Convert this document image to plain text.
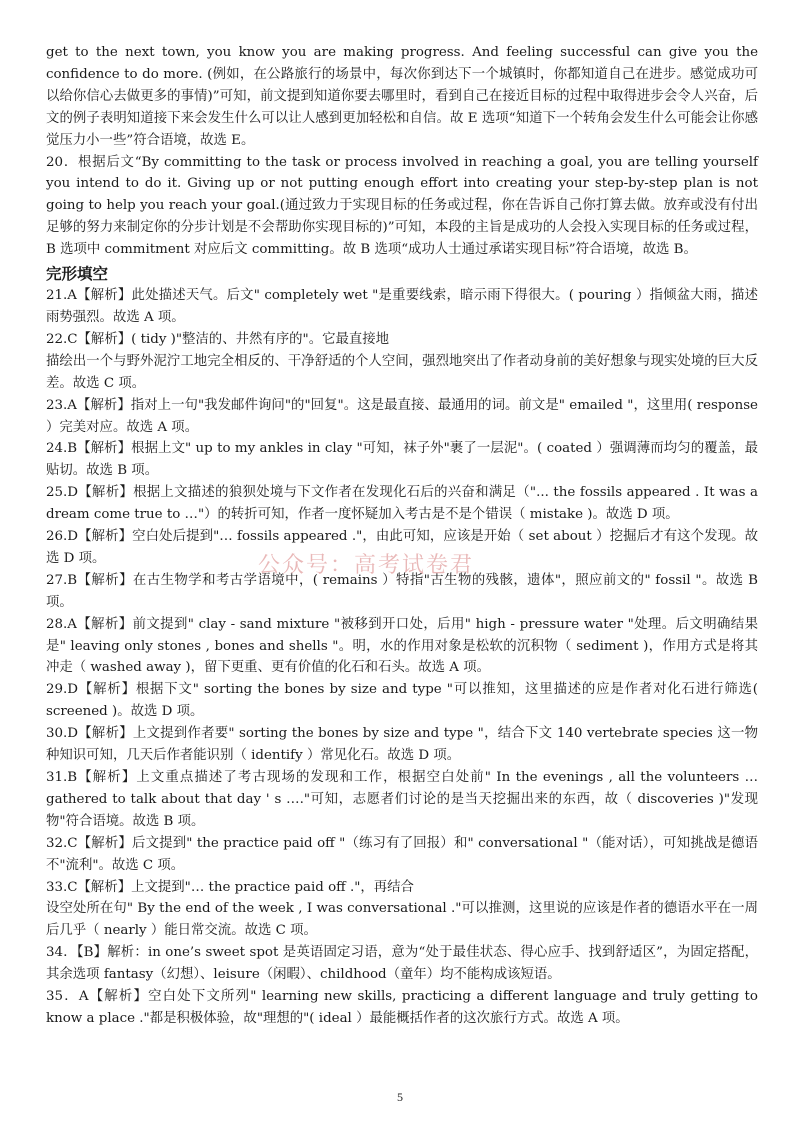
get to the next town, you know you are making progress. And feeling successful can give you the confidence to do more. (例如，在公路旅行的场景中，每次你到达下一个城镇时，你都知道自己在进步。感觉成功可以给你信心去做更多的事情)”可知，前文提到知道你要去哪里时，看到自己在接近目标的过程中取得进步会令人兴奋，后文的例子表明知道接下来会发生什么可以让人感到更加轻松和自信。故 E 选项“知道下一个转角会发生什么可能会让你感觉压力小一些”符合语境，故选 E。

20．根据后文“By committing to the task or process involved in reaching a goal, you are telling yourself you intend to do it. Giving up or not putting enough effort into creating your step-by-step plan is not going to help you reach your goal.(通过致力于实现目标的任务或过程，你在告诉自己你打算去做。放弃或没有付出足够的努力来制定你的分步计划是不会帮助你实现目标的)”可知，本段的主旨是成功的人会投入实现目标的任务或过程，B 选项中 commitment 对应后文 committing。故 B 选项“成功人士通过承诺实现目标”符合语境，故选 B。

完形填空

21.A【解析】此处描述天气。后文" completely wet "是重要线索，暗示雨下得很大。( pouring ）指倾盆大雨，描述雨势强烈。故选 A 项。

22.C【解析】( tidy )"整洁的、井然有序的"。它最直接地

描绘出一个与野外泥泞工地完全相反的、干净舒适的个人空间，强烈地突出了作者动身前的美好想象与现实处境的巨大反差。故选 C 项。

23.A【解析】指对上一句"我发邮件询问"的"回复"。这是最直接、最通用的词。前文是" emailed "，这里用( response ）完美对应。故选 A 项。

24.B【解析】根据上文" up to my ankles in clay "可知，袜子外"裹了一层泥"。( coated ）强调薄而均匀的覆盖，最贴切。故选 B 项。

25.D【解析】根据上文描述的狼狈处境与下文作者在发现化石后的兴奋和满足（"... the fossils appeared . It was a dream come true to …"）的转折可知，作者一度怀疑加入考古是不是个错误（ mistake )。故选 D 项。

26.D【解析】空白处后提到"… fossils appeared ."，由此可知，应该是开始（ set about ）挖掘后才有这个发现。故选 D 项。

27.B【解析】在古生物学和考古学语境中，( remains ）特指"古生物的残骸，遗体"，照应前文的" fossil "。故选 B 项。

28.A【解析】前文提到" clay - sand mixture "被移到开口处，后用" high - pressure water "处理。后文明确结果是" leaving only stones , bones and shells "。明，水的作用对象是松软的沉积物（ sediment )，作用方式是将其冲走（ washed away )，留下更重、更有价值的化石和石头。故选 A 项。

29.D【解析】根据下文" sorting the bones by size and type "可以推知，这里描述的应是作者对化石进行筛选( screened )。故选 D 项。

30.D【解析】上文提到作者要" sorting the bones by size and type "，结合下文 140 vertebrate species 这一物种知识可知，几天后作者能识别（ identify ）常见化石。故选 D 项。

31.B【解析】上文重点描述了考古现场的发现和工作，根据空白处前" In the evenings , all the volunteers … gathered to talk about that day ' s …."可知，志愿者们讨论的是当天挖掘出来的东西，故（ discoveries )"发现物"符合语境。故选 B 项。

32.C【解析】后文提到" the practice paid off "（练习有了回报）和" conversational "（能对话），可知挑战是德语不"流利"。故选 C 项。

33.C【解析】上文提到"… the practice paid off ."，再结合

设空处所在句" By the end of the week , I was conversational ."可以推测，这里说的应该是作者的德语水平在一周后几乎（ nearly ）能日常交流。故选 C 项。

34．【B】解析：in one’s sweet spot 是英语固定习语，意为“处于最佳状态、得心应手、找到舒适区”，为固定搭配，其余选项 fantasy（幻想）、leisure（闲暇）、childhood（童年）均不能构成该短语。

35．A【解析】空白处下文所列" learning new skills, practicing a different language and truly getting to know a place ."都是积极体验，故"理想的"( ideal ）最能概括作者的这次旅行方式。故选 A 项。

公众号：高考试卷君
5
